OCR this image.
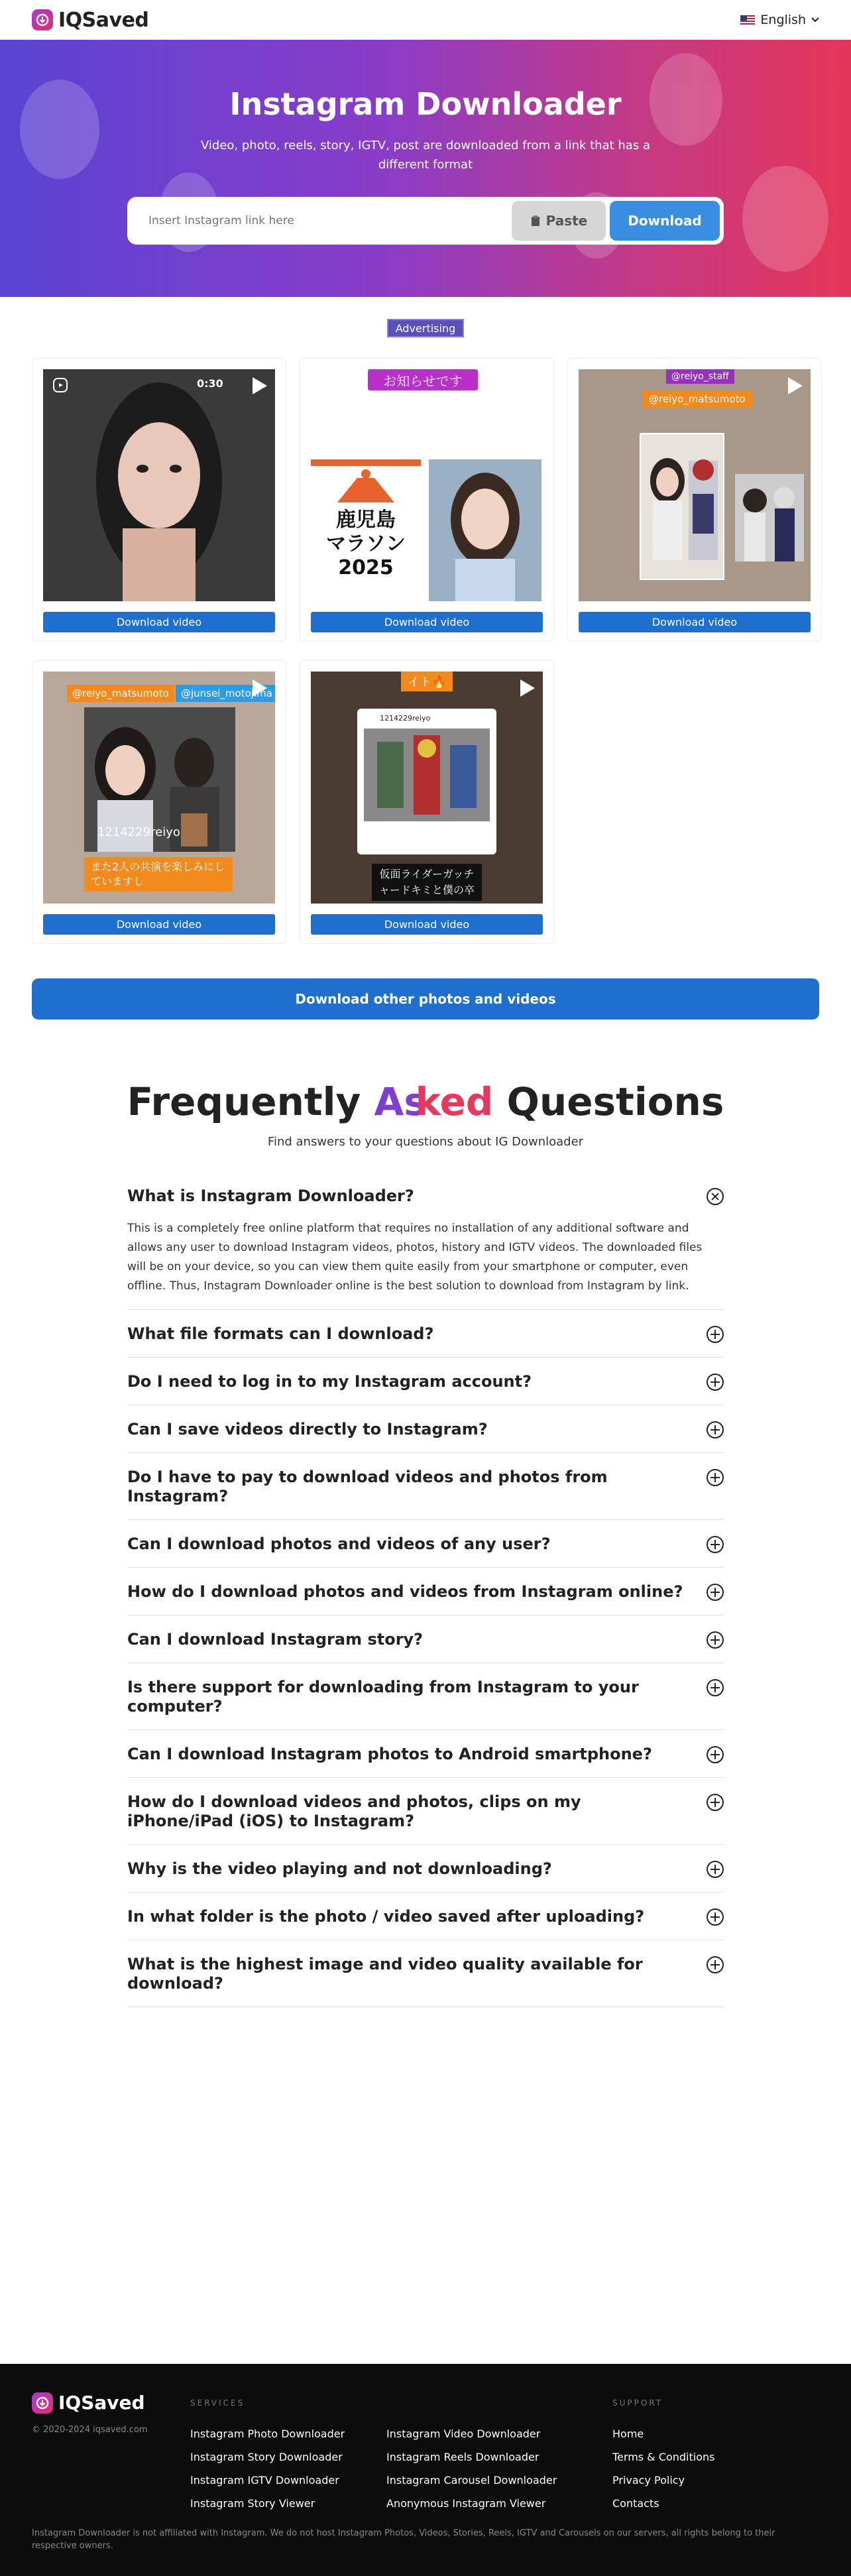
IQSaved	English
Instagram Downloader
Video, photo, reels, story, IGTV, post are downloaded from a link that has a different format
Insert Instagram link here
Paste	Download
Advertising
0:30
Download video
お知らせです
鹿児島
マラソン
2025
Download video
@reiyo_staff
@reiyo_matsumoto
Download video
@reiyo_matsumoto	@junsei_motojima
1214229reiyo
また2人の共演を楽しみにしていますし
Download video
イト🔥
1214229reiyo
仮面ライダーガッチャードキミと僕の卒
Download video
Download other photos and videos
Frequently Asked Questions
Find answers to your questions about IG Downloader
What is Instagram Downloader?
This is a completely free online platform that requires no installation of any additional software and allows any user to download Instagram videos, photos, history and IGTV videos. The downloaded files will be on your device, so you can view them quite easily from your smartphone or computer, even offline. Thus, Instagram Downloader online is the best solution to download from Instagram by link.
What file formats can I download?
Do I need to log in to my Instagram account?
Can I save videos directly to Instagram?
Do I have to pay to download videos and photos from Instagram?
Can I download photos and videos of any user?
How do I download photos and videos from Instagram online?
Can I download Instagram story?
Is there support for downloading from Instagram to your computer?
Can I download Instagram photos to Android smartphone?
How do I download videos and photos, clips on my iPhone/iPad (iOS) to Instagram?
Why is the video playing and not downloading?
In what folder is the photo / video saved after uploading?
What is the highest image and video quality available for download?
IQSaved
© 2020-2024 iqsaved.com
SERVICES
Instagram Photo Downloader
Instagram Story Downloader
Instagram IGTV Downloader
Instagram Story Viewer
Instagram Video Downloader
Instagram Reels Downloader
Instagram Carousel Downloader
Anonymous Instagram Viewer
SUPPORT
Home
Terms & Conditions
Privacy Policy
Contacts
Instagram Downloader is not affiliated with Instagram. We do not host Instagram Photos, Videos, Stories, Reels, IGTV and Carousels on our servers, all rights belong to their respective owners.
